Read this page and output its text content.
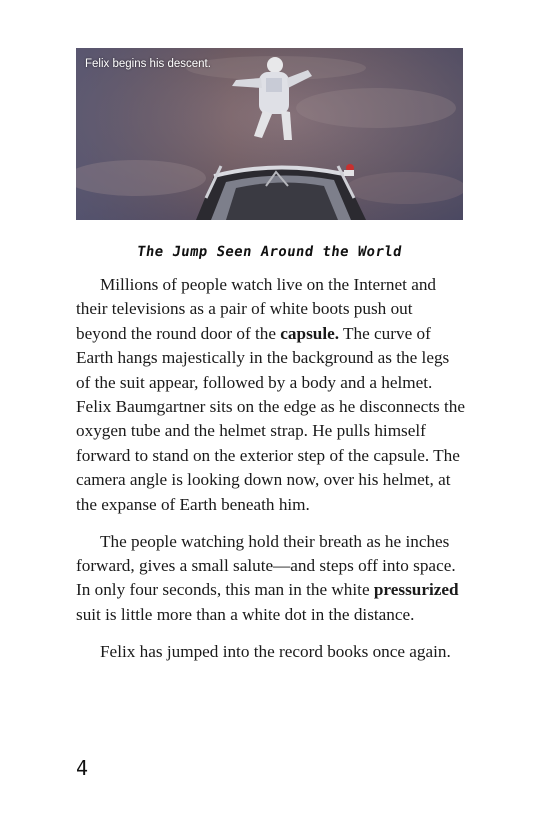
Felix begins his descent.
The Jump Seen Around the World

Millions of people watch live on the Internet and their televisions as a pair of white boots push out beyond the round door of the capsule. The curve of Earth hangs majestically in the background as the legs of the suit appear, followed by a body and a helmet. Felix Baumgartner sits on the edge as he disconnects the oxygen tube and the helmet strap. He pulls himself forward to stand on the exterior step of the capsule. The camera angle is looking down now, over his helmet, at the expanse of Earth beneath him.

The people watching hold their breath as he inches forward, gives a small salute—and steps off into space. In only four seconds, this man in the white pressurized suit is little more than a white dot in the distance.

Felix has jumped into the record books once again.

4
